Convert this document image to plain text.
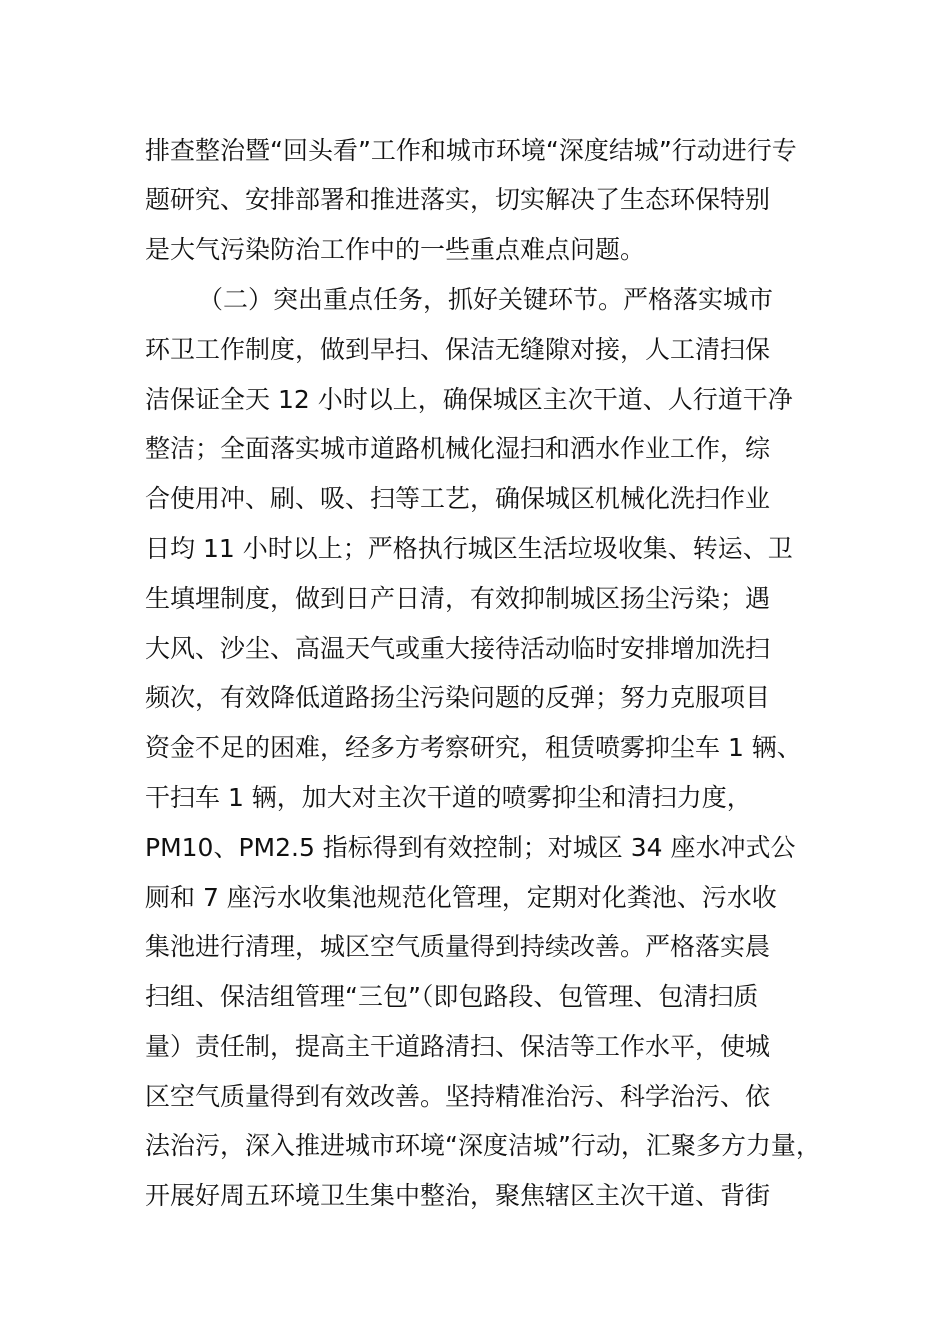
排查整治暨“回头看”工作和城市环境“深度结城”行动进行专
题研究、安排部署和推进落实，切实解决了生态环保特别
是大气污染防治工作中的一些重点难点问题。
（二）突出重点任务，抓好关键环节。严格落实城市
环卫工作制度，做到早扫、保洁无缝隙对接，人工清扫保
洁保证全天 12 小时以上，确保城区主次干道、人行道干净
整洁；全面落实城市道路机械化湿扫和洒水作业工作，综
合使用冲、刷、吸、扫等工艺，确保城区机械化洗扫作业
日均 11 小时以上；严格执行城区生活垃圾收集、转运、卫
生填埋制度，做到日产日清，有效抑制城区扬尘污染；遇
大风、沙尘、高温天气或重大接待活动临时安排增加洗扫
频次，有效降低道路扬尘污染问题的反弹；努力克服项目
资金不足的困难，经多方考察研究，租赁喷雾抑尘车 1 辆、
干扫车 1 辆，加大对主次干道的喷雾抑尘和清扫力度，
PM10、PM2.5 指标得到有效控制；对城区 34 座水冲式公
厕和 7 座污水收集池规范化管理，定期对化粪池、污水收
集池进行清理，城区空气质量得到持续改善。严格落实晨
扫组、保洁组管理“三包”（即包路段、包管理、包清扫质
量）责任制，提高主干道路清扫、保洁等工作水平，使城
区空气质量得到有效改善。坚持精准治污、科学治污、依
法治污，深入推进城市环境“深度洁城”行动，汇聚多方力量，
开展好周五环境卫生集中整治，聚焦辖区主次干道、背街
